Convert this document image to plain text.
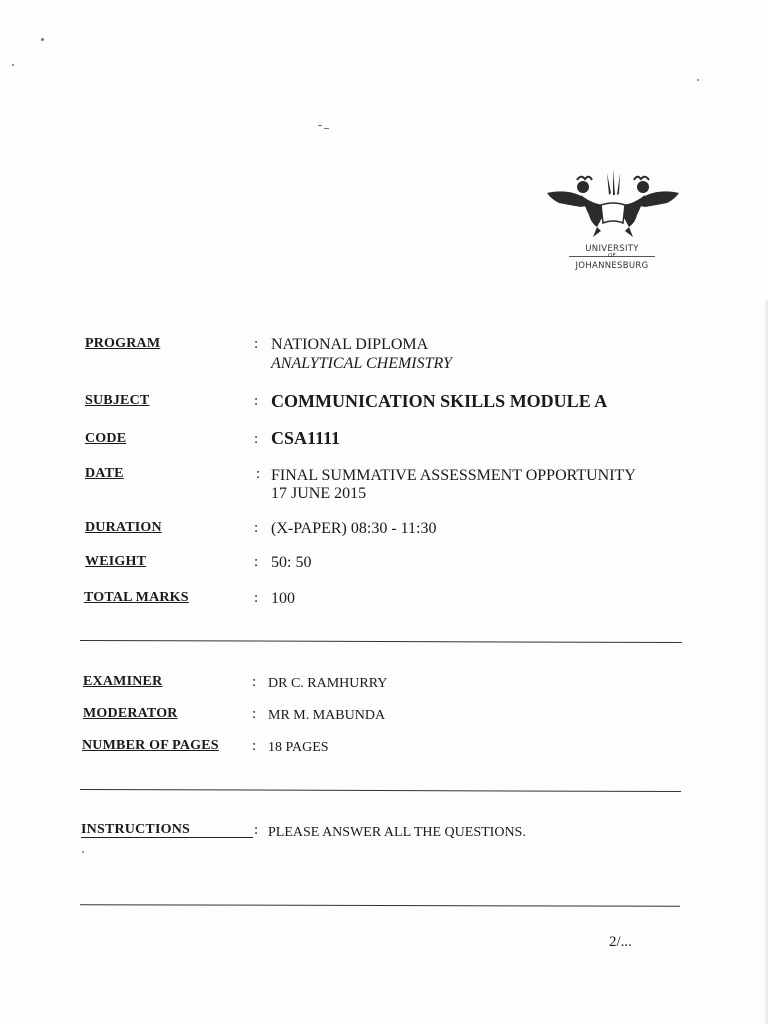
UNIVERSITY
OF
JOHANNESBURG
PROGRAM	: NATIONAL DIPLOMA
ANALYTICAL CHEMISTRY
SUBJECT	: COMMUNICATION SKILLS MODULE A
CODE	: CSA1111
DATE	: FINAL SUMMATIVE ASSESSMENT OPPORTUNITY
17 JUNE 2015
DURATION	: (X-PAPER) 08:30 - 11:30
WEIGHT	: 50: 50
TOTAL MARKS	: 100
EXAMINER	: DR C. RAMHURRY
MODERATOR	: MR M. MABUNDA
NUMBER OF PAGES : 18 PAGES
INSTRUCTIONS	: PLEASE ANSWER ALL THE QUESTIONS.
2/...
